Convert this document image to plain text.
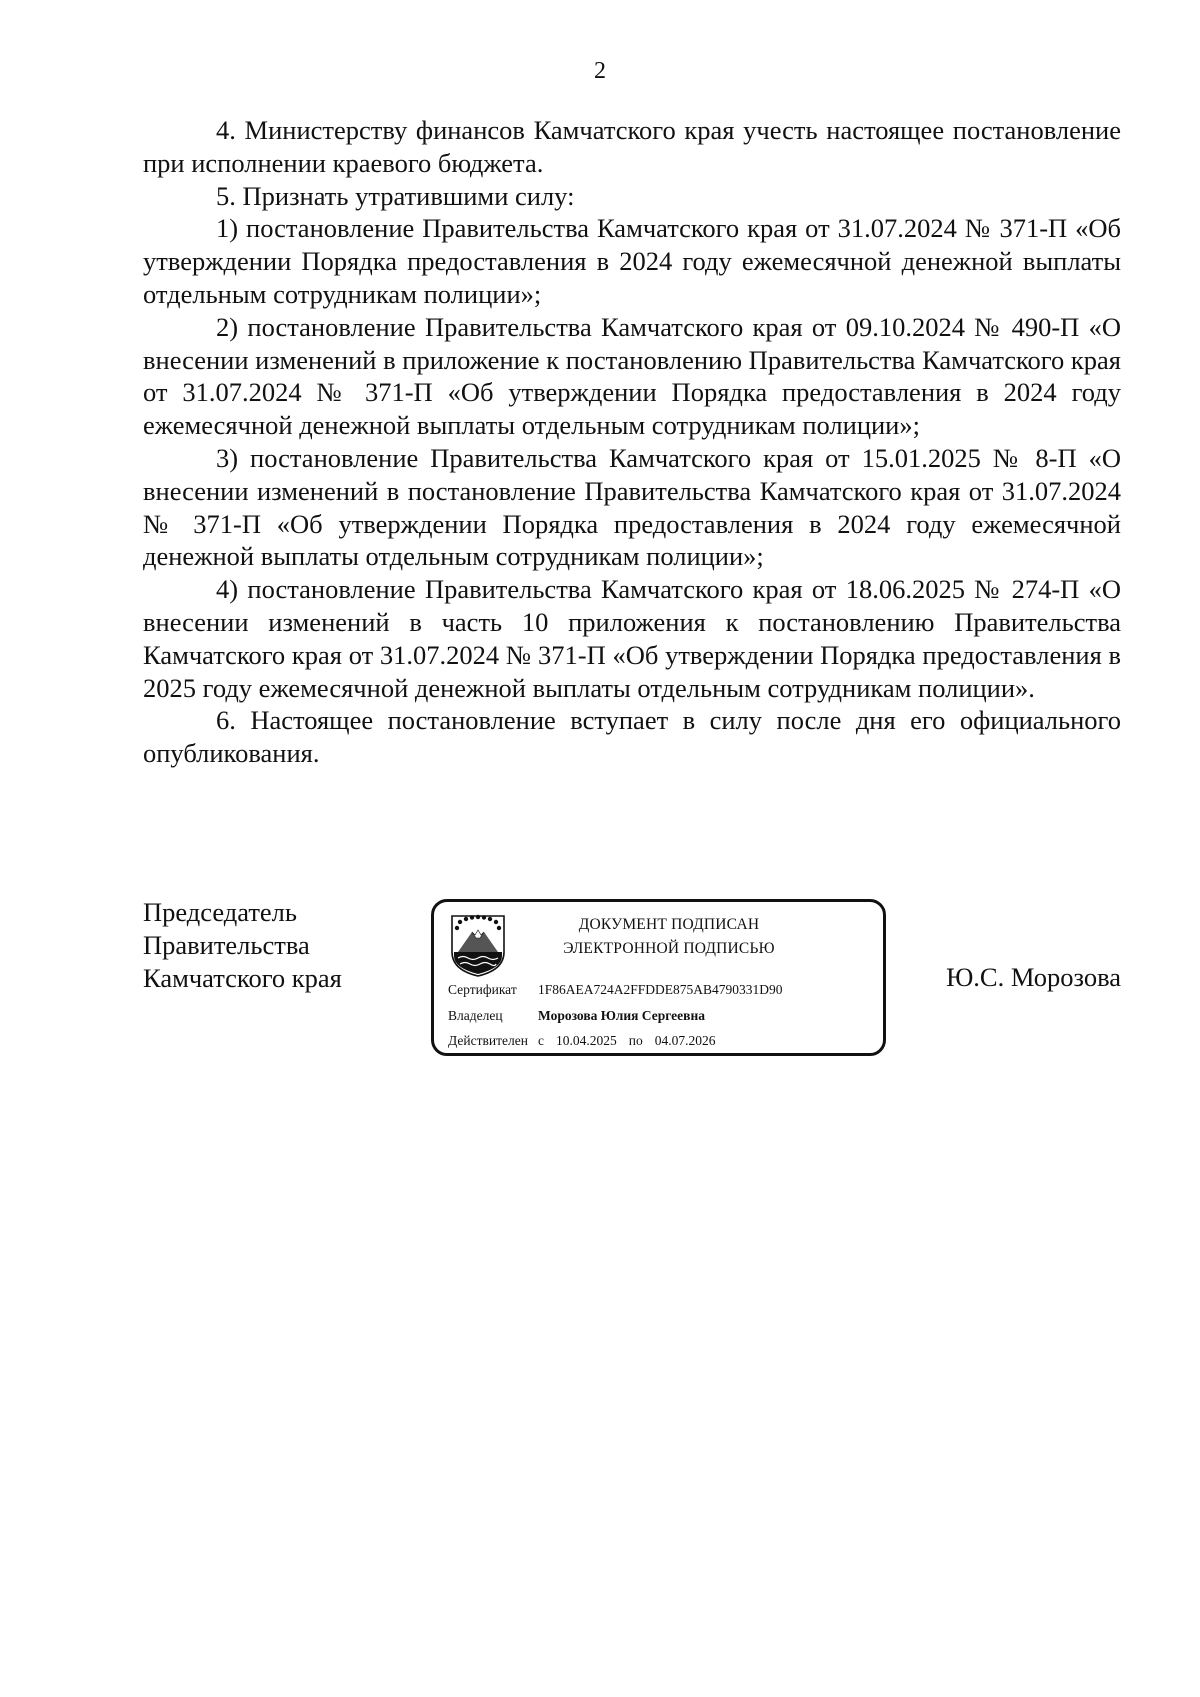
2

4. Министерству финансов Камчатского края учесть настоящее постановление при исполнении краевого бюджета.

5. Признать утратившими силу:

1) постановление Правительства Камчатского края от 31.07.2024 № 371-П «Об утверждении Порядка предоставления в 2024 году ежемесячной денежной выплаты отдельным сотрудникам полиции»;

2) постановление Правительства Камчатского края от 09.10.2024 № 490-П «О внесении изменений в приложение к постановлению Правительства Камчатского края от 31.07.2024 № 371-П «Об утверждении Порядка предоставления в 2024 году ежемесячной денежной выплаты отдельным сотрудникам полиции»;

3) постановление Правительства Камчатского края от 15.01.2025 № 8-П «О внесении изменений в постановление Правительства Камчатского края от 31.07.2024 № 371-П «Об утверждении Порядка предоставления в 2024 году ежемесячной денежной выплаты отдельным сотрудникам полиции»;

4) постановление Правительства Камчатского края от 18.06.2025 № 274-П «О внесении изменений в часть 10 приложения к постановлению Правительства Камчатского края от 31.07.2024 № 371-П «Об утверждении Порядка предоставления в 2025 году ежемесячной денежной выплаты отдельным сотрудникам полиции».

6. Настоящее постановление вступает в силу после дня его официального опубликования.

Председатель
Правительства
Камчатского края
ДОКУМЕНТ ПОДПИСАН
ЭЛЕКТРОННОЙ ПОДПИСЬЮ
Сертификат 1F86AEA724A2FFDDE875AB4790331D90
Владелец	Морозова Юлия Сергеевна
Действителен с 10.04.2025 по 04.07.2026
Ю.С. Морозова
